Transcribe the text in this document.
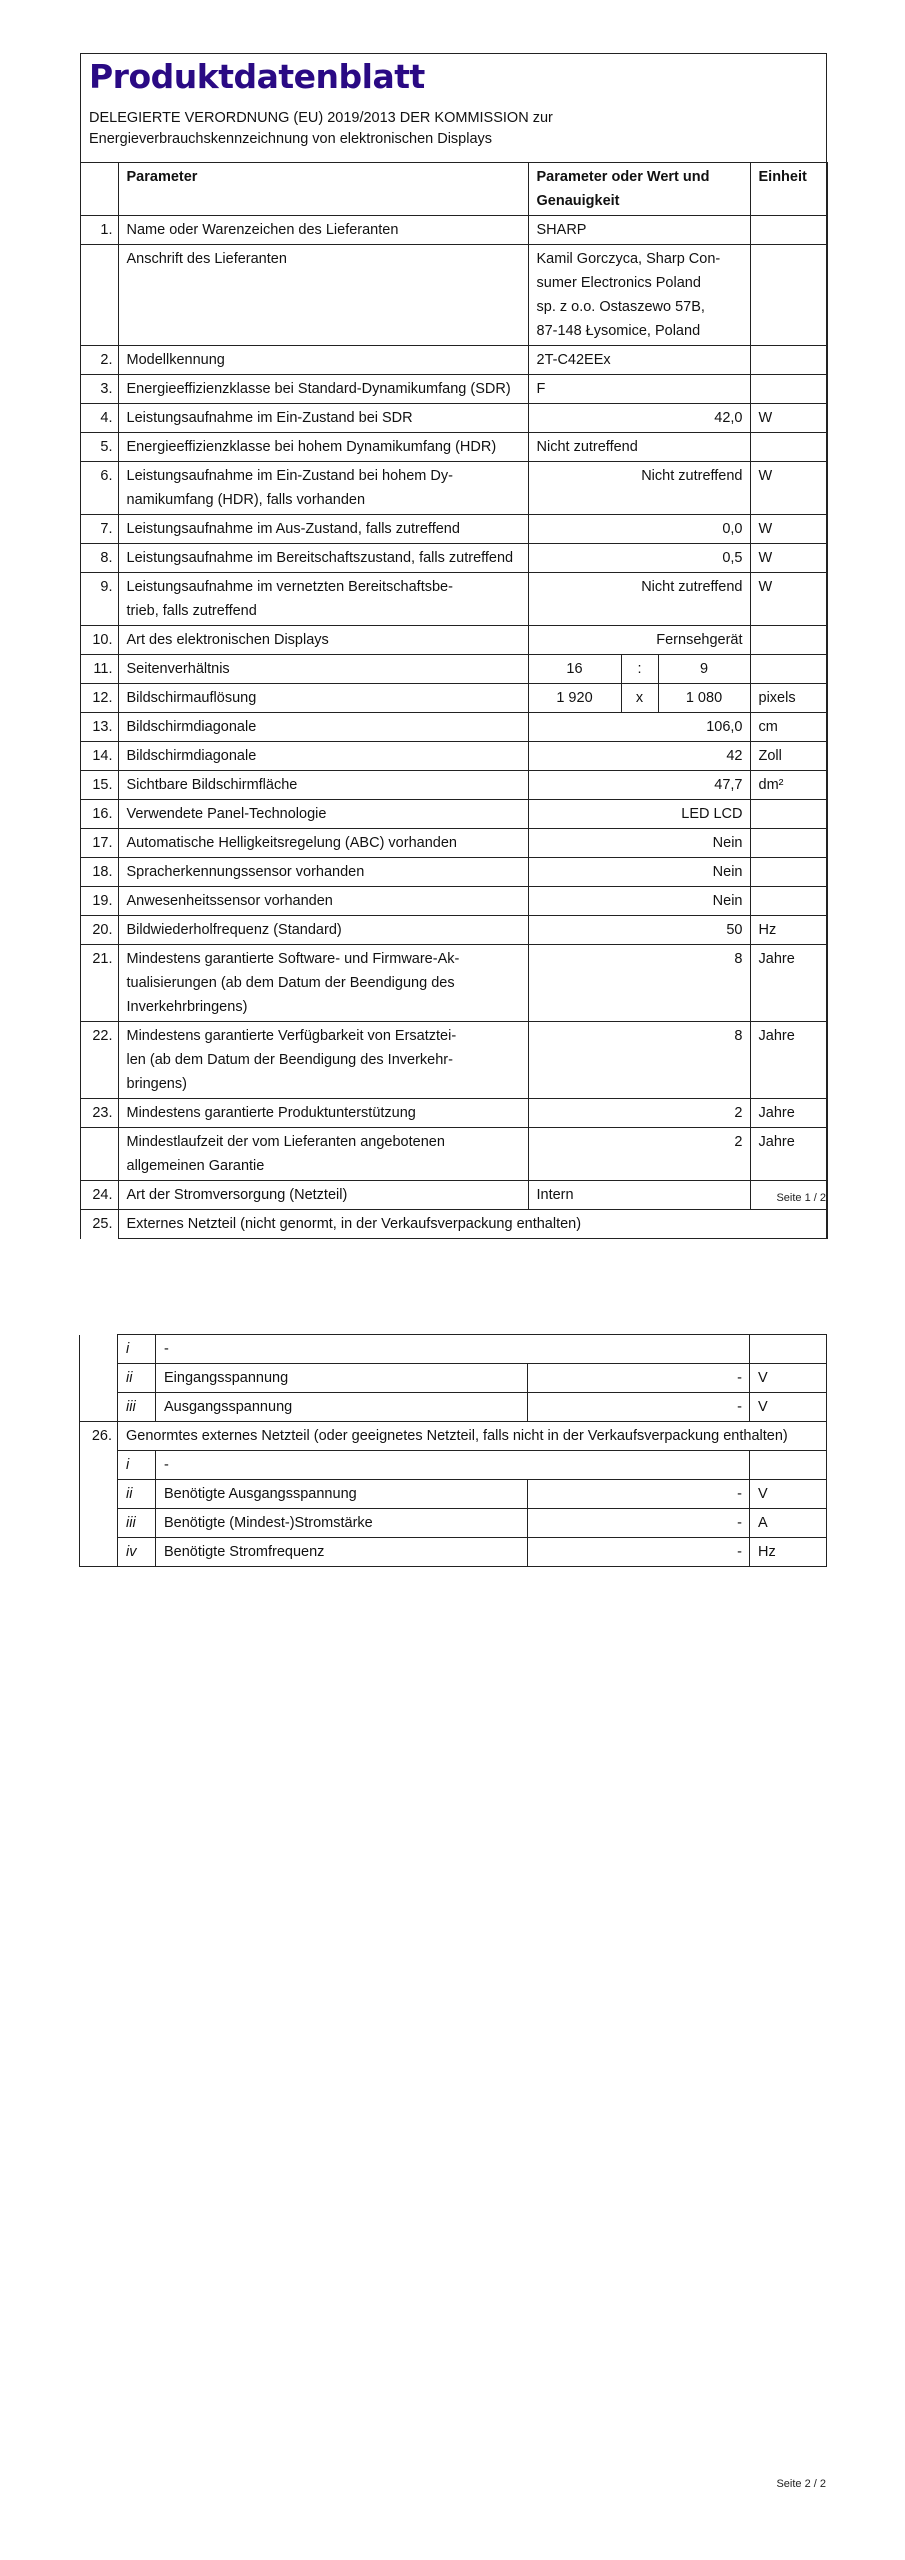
Produktdatenblatt
DELEGIERTE VERORDNUNG (EU) 2019/2013 DER KOMMISSION zur
Energieverbrauchskennzeichnung von elektronischen Displays
	Parameter	Parameter oder Wert und Genauigkeit			Einheit
1.	Name oder Warenzeichen des Lieferanten	SHARP			
	Anschrift des Lieferanten	Kamil Gorczyca, Sharp Con-
sumer Electronics Poland
sp. z o.o. Ostaszewo 57B,
87-148 Łysomice, Poland			
2.	Modellkennung	2T-C42EEx			
3.	Energieeffizienzklasse bei Standard-Dynamikumfang (SDR)	F			
4.	Leistungsaufnahme im Ein-Zustand bei SDR	42,0			W
5.	Energieeffizienzklasse bei hohem Dynamikumfang (HDR)	Nicht zutreffend			
6.	Leistungsaufnahme im Ein-Zustand bei hohem Dy-
namikumfang (HDR), falls vorhanden	Nicht zutreffend			W
7.	Leistungsaufnahme im Aus-Zustand, falls zutreffend	0,0			W
8.	Leistungsaufnahme im Bereitschaftszustand, falls zutreffend	0,5			W
9.	Leistungsaufnahme im vernetzten Bereitschaftsbe-
trieb, falls zutreffend	Nicht zutreffend			W
10.	Art des elektronischen Displays	Fernsehgerät			
11.	Seitenverhältnis	16	:	9	
12.	Bildschirmauflösung	1 920	x	1 080	pixels
13.	Bildschirmdiagonale	106,0			cm
14.	Bildschirmdiagonale	42			Zoll
15.	Sichtbare Bildschirmfläche	47,7			dm²
16.	Verwendete Panel-Technologie	LED LCD			
17.	Automatische Helligkeitsregelung (ABC) vorhanden	Nein			
18.	Spracherkennungssensor vorhanden	Nein			
19.	Anwesenheitssensor vorhanden	Nein			
20.	Bildwiederholfrequenz (Standard)	50			Hz
21.	Mindestens garantierte Software- und Firmware-Ak-
tualisierungen (ab dem Datum der Beendigung des
Inverkehrbringens)	8			Jahre
22.	Mindestens garantierte Verfügbarkeit von Ersatztei-
len (ab dem Datum der Beendigung des Inverkehr-
bringens)	8			Jahre
23.	Mindestens garantierte Produktunterstützung	2			Jahre
	Mindestlaufzeit der vom Lieferanten angebotenen allgemeinen Garantie	2			Jahre
24.	Art der Stromversorgung (Netzteil)	Intern			
25.	Externes Netzteil (nicht genormt, in der Verkaufsverpackung enthalten)				
Seite 1 / 2
	i	-		
	ii	Eingangsspannung	-	V
	iii	Ausgangsspannung	-	V
26.	Genormtes externes Netzteil (oder geeignetes Netzteil, falls nicht in der Verkaufsverpackung enthalten)			
	i	-		
	ii	Benötigte Ausgangsspannung	-	V
	iii	Benötigte (Mindest-)Stromstärke	-	A
	iv	Benötigte Stromfrequenz	-	Hz
Seite 2 / 2
